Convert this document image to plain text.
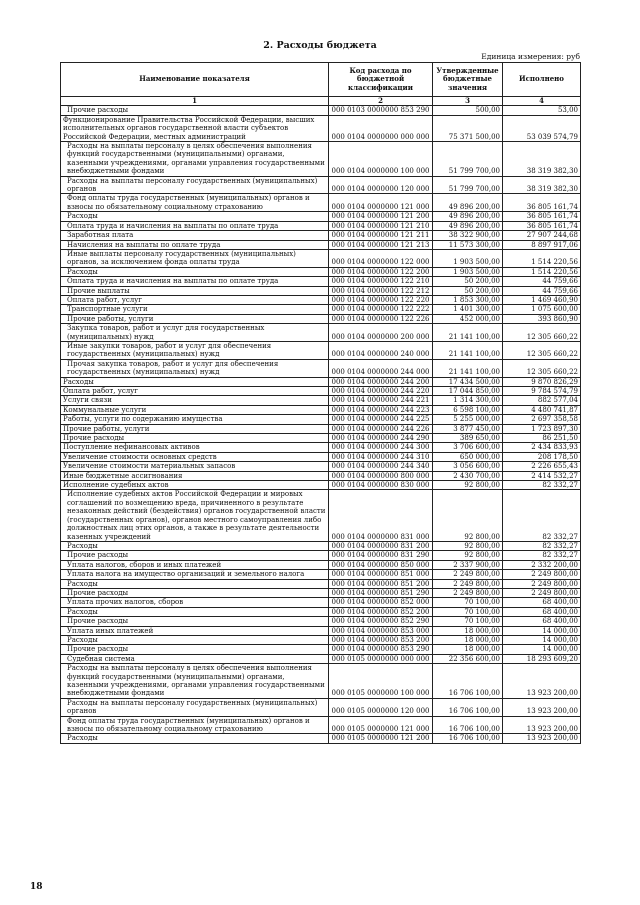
2. Расходы бюджета
Единица измерения: руб
Наименование показателя	Код расхода по бюджетной классификации	Утвержденные бюджетные значения	Исполнено
1	2	3	4
Прочие расходы	000 0103 0000000 853 290	500,00	53,00
Функционирование Правительства Российской Федерации, высших исполнительных органов государственной власти субъектов Российской Федерации, местных администраций	000 0104 0000000 000 000	75 371 500,00	53 039 574,79
Расходы на выплаты персоналу в целях обеспечения выполнения функций государственными (муниципальными) органами, казенными учреждениями, органами управления государственными внебюджетными фондами	000 0104 0000000 100 000	51 799 700,00	38 319 382,30
Расходы на выплаты персоналу государственных (муниципальных) органов	000 0104 0000000 120 000	51 799 700,00	38 319 382,30
Фонд оплаты труда государственных (муниципальных) органов и взносы по обязательному социальному страхованию	000 0104 0000000 121 000	49 896 200,00	36 805 161,74
Расходы	000 0104 0000000 121 200	49 896 200,00	36 805 161,74
Оплата труда и начисления на выплаты по оплате труда	000 0104 0000000 121 210	49 896 200,00	36 805 161,74
Заработная плата	000 0104 0000000 121 211	38 322 900,00	27 907 244,68
Начисления на выплаты по оплате труда	000 0104 0000000 121 213	11 573 300,00	8 897 917,06
Иные выплаты персоналу государственных (муниципальных) органов, за исключением фонда оплаты труда	000 0104 0000000 122 000	1 903 500,00	1 514 220,56
Расходы	000 0104 0000000 122 200	1 903 500,00	1 514 220,56
Оплата труда и начисления на выплаты по оплате труда	000 0104 0000000 122 210	50 200,00	44 759,66
Прочие выплаты	000 0104 0000000 122 212	50 200,00	44 759,66
Оплата работ, услуг	000 0104 0000000 122 220	1 853 300,00	1 469 460,90
Транспортные услуги	000 0104 0000000 122 222	1 401 300,00	1 075 600,00
Прочие работы, услуги	000 0104 0000000 122 226	452 000,00	393 860,90
Закупка товаров, работ и услуг для государственных (муниципальных) нужд	000 0104 0000000 200 000	21 141 100,00	12 305 660,22
Иные закупки товаров, работ и услуг для обеспечения государственных (муниципальных) нужд	000 0104 0000000 240 000	21 141 100,00	12 305 660,22
Прочая закупка товаров, работ и услуг для обеспечения государственных (муниципальных) нужд	000 0104 0000000 244 000	21 141 100,00	12 305 660,22
Расходы	000 0104 0000000 244 200	17 434 500,00	9 870 826,29
Оплата работ, услуг	000 0104 0000000 244 220	17 044 850,00	9 784 574,79
Услуги связи	000 0104 0000000 244 221	1 314 300,00	882 577,04
Коммунальные услуги	000 0104 0000000 244 223	6 598 100,00	4 480 741,87
Работы, услуги по содержанию имущества	000 0104 0000000 244 225	5 255 000,00	2 697 358,58
Прочие работы, услуги	000 0104 0000000 244 226	3 877 450,00	1 723 897,30
Прочие расходы	000 0104 0000000 244 290	389 650,00	86 251,50
Поступление нефинансовых активов	000 0104 0000000 244 300	3 706 600,00	2 434 833,93
Увеличение стоимости основных средств	000 0104 0000000 244 310	650 000,00	208 178,50
Увеличение стоимости материальных запасов	000 0104 0000000 244 340	3 056 600,00	2 226 655,43
Иные бюджетные ассигнования	000 0104 0000000 800 000	2 430 700,00	2 414 532,27
Исполнение судебных актов	000 0104 0000000 830 000	92 800,00	82 332,27
Исполнение судебных актов Российской Федерации и мировых соглашений по возмещению вреда, причиненного в результате незаконных действий (бездействия) органов государственной власти (государственных органов), органов местного самоуправления либо должностных лиц этих органов, а также в результате деятельности казенных учреждений	000 0104 0000000 831 000	92 800,00	82 332,27
Расходы	000 0104 0000000 831 200	92 800,00	82 332,27
Прочие расходы	000 0104 0000000 831 290	92 800,00	82 332,27
Уплата налогов, сборов и иных платежей	000 0104 0000000 850 000	2 337 900,00	2 332 200,00
Уплата налога на имущество организаций и земельного налога	000 0104 0000000 851 000	2 249 800,00	2 249 800,00
Расходы	000 0104 0000000 851 200	2 249 800,00	2 249 800,00
Прочие расходы	000 0104 0000000 851 290	2 249 800,00	2 249 800,00
Уплата прочих налогов, сборов	000 0104 0000000 852 000	70 100,00	68 400,00
Расходы	000 0104 0000000 852 200	70 100,00	68 400,00
Прочие расходы	000 0104 0000000 852 290	70 100,00	68 400,00
Уплата иных платежей	000 0104 0000000 853 000	18 000,00	14 000,00
Расходы	000 0104 0000000 853 200	18 000,00	14 000,00
Прочие расходы	000 0104 0000000 853 290	18 000,00	14 000,00
Судебная система	000 0105 0000000 000 000	22 356 600,00	18 293 609,20
Расходы на выплаты персоналу в целях обеспечения выполнения функций государственными (муниципальными) органами, казенными учреждениями, органами управления государственными внебюджетными фондами	000 0105 0000000 100 000	16 706 100,00	13 923 200,00
Расходы на выплаты персоналу государственных (муниципальных) органов	000 0105 0000000 120 000	16 706 100,00	13 923 200,00
Фонд оплаты труда государственных (муниципальных) органов и взносы по обязательному социальному страхованию	000 0105 0000000 121 000	16 706 100,00	13 923 200,00
Расходы	000 0105 0000000 121 200	16 706 100,00	13 923 200,00
18
